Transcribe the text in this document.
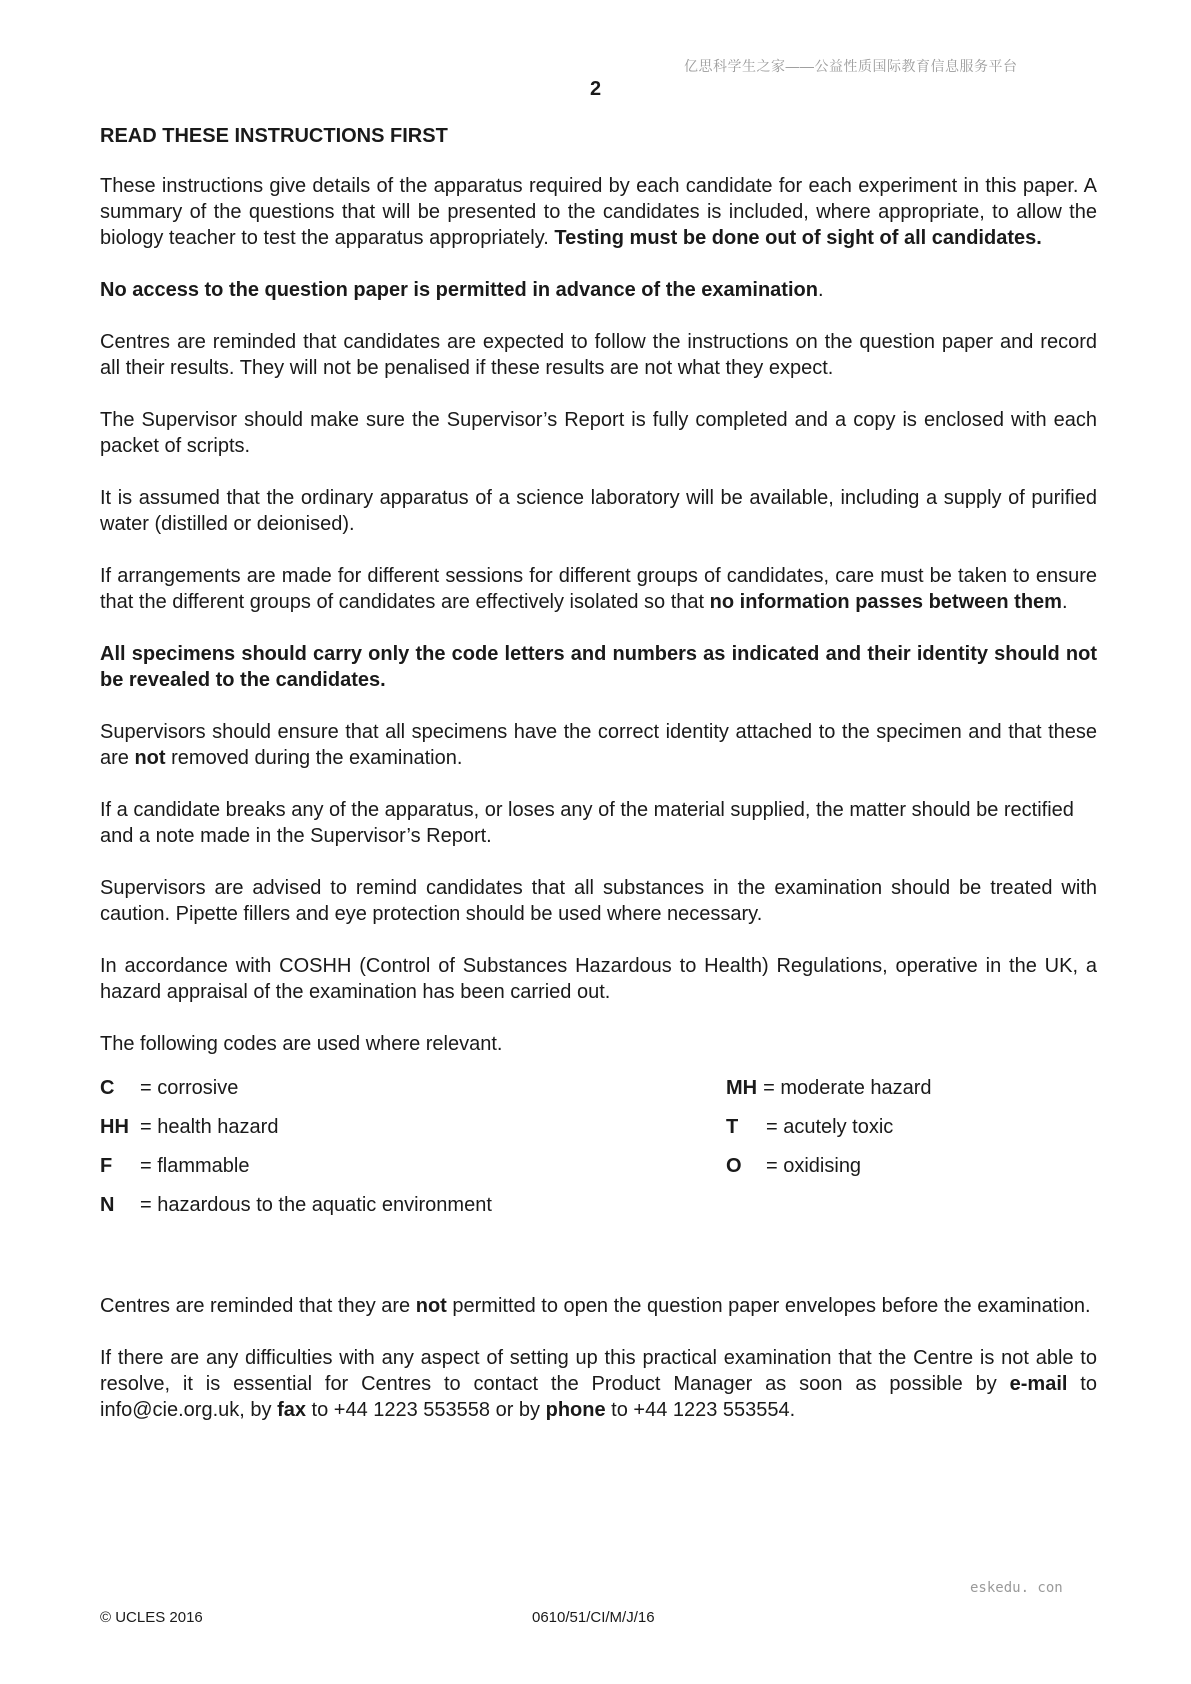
亿思科学生之家——公益性质国际教育信息服务平台
2
READ THESE INSTRUCTIONS FIRST

These instructions give details of the apparatus required by each candidate for each experiment in this paper. A summary of the questions that will be presented to the candidates is included, where appropriate, to allow the biology teacher to test the apparatus appropriately. Testing must be done out of sight of all candidates.

No access to the question paper is permitted in advance of the examination.

Centres are reminded that candidates are expected to follow the instructions on the question paper and record all their results. They will not be penalised if these results are not what they expect.

The Supervisor should make sure the Supervisor’s Report is fully completed and a copy is enclosed with each packet of scripts.

It is assumed that the ordinary apparatus of a science laboratory will be available, including a supply of purified water (distilled or deionised).

If arrangements are made for different sessions for different groups of candidates, care must be taken to ensure that the different groups of candidates are effectively isolated so that no information passes between them.

All specimens should carry only the code letters and numbers as indicated and their identity should not be revealed to the candidates.

Supervisors should ensure that all specimens have the correct identity attached to the specimen and that these are not removed during the examination.

If a candidate breaks any of the apparatus, or loses any of the material supplied, the matter should be rectified and a note made in the Supervisor’s Report.

Supervisors are advised to remind candidates that all substances in the examination should be treated with caution. Pipette fillers and eye protection should be used where necessary.

In accordance with COSHH (Control of Substances Hazardous to Health) Regulations, operative in the UK, a hazard appraisal of the examination has been carried out.

The following codes are used where relevant.

C = corrosive
HH = health hazard
F = flammable
N = hazardous to the aquatic environment
MH = moderate hazard
T = acutely toxic
O = oxidising

Centres are reminded that they are not permitted to open the question paper envelopes before the examination.

If there are any difficulties with any aspect of setting up this practical examination that the Centre is not able to resolve, it is essential for Centres to contact the Product Manager as soon as possible by e-mail to info@cie.org.uk, by fax to +44 1223 553558 or by phone to +44 1223 553554.

eskedu. con
© UCLES 2016	0610/51/CI/M/J/16
